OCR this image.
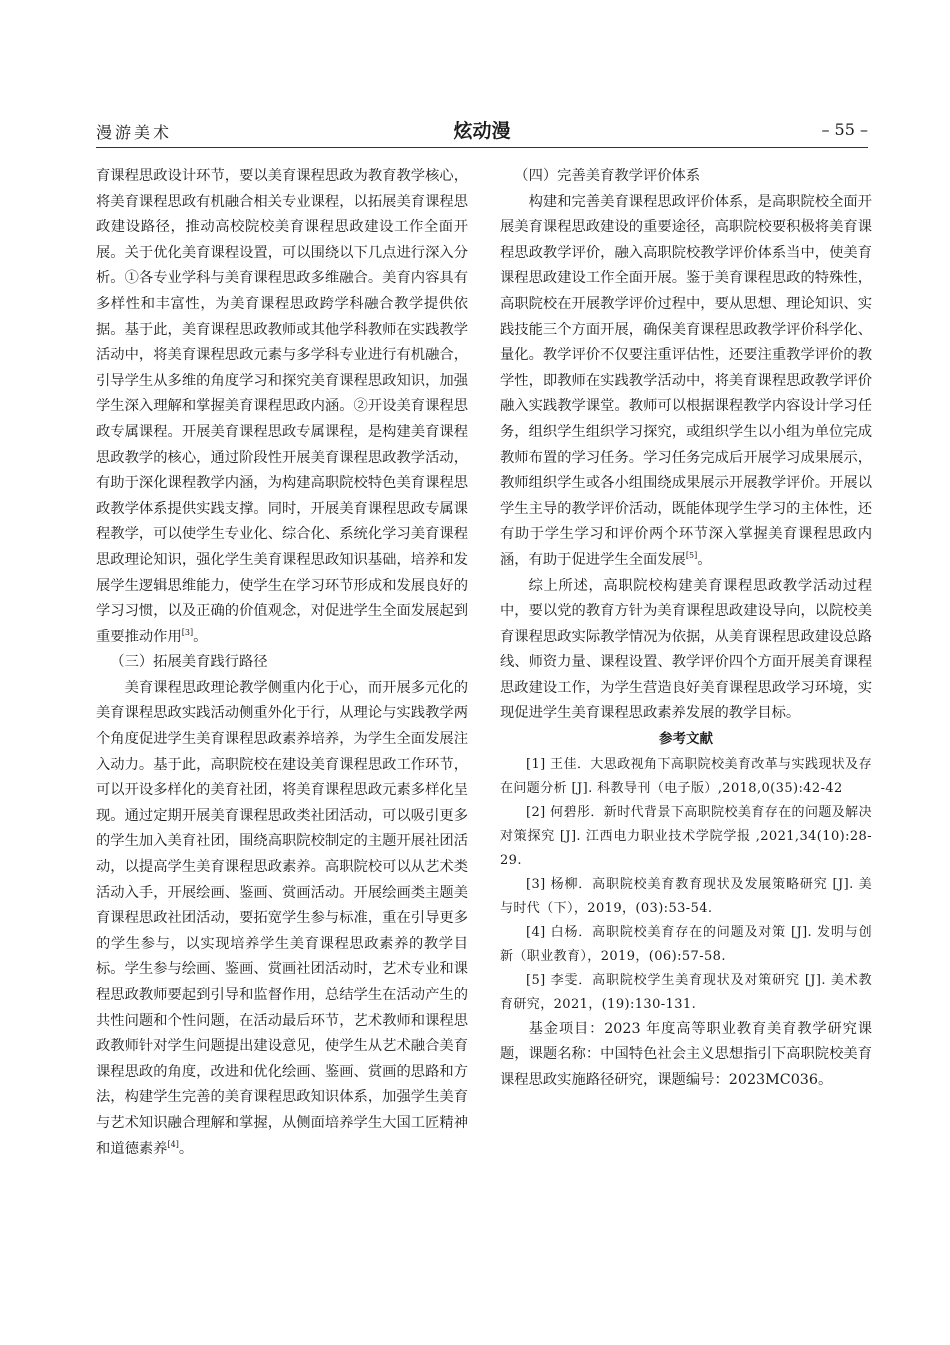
漫游美术	炫动漫	– 55 –

育课程思政设计环节，要以美育课程思政为教育教学核心，将美育课程思政有机融合相关专业课程，以拓展美育课程思政建设路径，推动高校院校美育课程思政建设工作全面开展。关于优化美育课程设置，可以围绕以下几点进行深入分析。①各专业学科与美育课程思政多维融合。美育内容具有多样性和丰富性，为美育课程思政跨学科融合教学提供依据。基于此，美育课程思政教师或其他学科教师在实践教学活动中，将美育课程思政元素与多学科专业进行有机融合，引导学生从多维的角度学习和探究美育课程思政知识，加强学生深入理解和掌握美育课程思政内涵。②开设美育课程思政专属课程。开展美育课程思政专属课程，是构建美育课程思政教学的核心，通过阶段性开展美育课程思政教学活动，有助于深化课程教学内涵，为构建高职院校特色美育课程思政教学体系提供实践支撑。同时，开展美育课程思政专属课程教学，可以使学生专业化、综合化、系统化学习美育课程思政理论知识，强化学生美育课程思政知识基础，培养和发展学生逻辑思维能力，使学生在学习环节形成和发展良好的学习习惯，以及正确的价值观念，对促进学生全面发展起到重要推动作用[3]。

（三）拓展美育践行路径

美育课程思政理论教学侧重内化于心，而开展多元化的美育课程思政实践活动侧重外化于行，从理论与实践教学两个角度促进学生美育课程思政素养培养，为学生全面发展注入动力。基于此，高职院校在建设美育课程思政工作环节，可以开设多样化的美育社团，将美育课程思政元素多样化呈现。通过定期开展美育课程思政类社团活动，可以吸引更多的学生加入美育社团，围绕高职院校制定的主题开展社团活动，以提高学生美育课程思政素养。高职院校可以从艺术类活动入手，开展绘画、鉴画、赏画活动。开展绘画类主题美育课程思政社团活动，要拓宽学生参与标准，重在引导更多的学生参与，以实现培养学生美育课程思政素养的教学目标。学生参与绘画、鉴画、赏画社团活动时，艺术专业和课程思政教师要起到引导和监督作用，总结学生在活动产生的共性问题和个性问题，在活动最后环节，艺术教师和课程思政教师针对学生问题提出建设意见，使学生从艺术融合美育课程思政的角度，改进和优化绘画、鉴画、赏画的思路和方法，构建学生完善的美育课程思政知识体系，加强学生美育与艺术知识融合理解和掌握，从侧面培养学生大国工匠精神和道德素养[4]。

（四）完善美育教学评价体系

构建和完善美育课程思政评价体系，是高职院校全面开展美育课程思政建设的重要途径，高职院校要积极将美育课程思政教学评价，融入高职院校教学评价体系当中，使美育课程思政建设工作全面开展。鉴于美育课程思政的特殊性，高职院校在开展教学评价过程中，要从思想、理论知识、实践技能三个方面开展，确保美育课程思政教学评价科学化、量化。教学评价不仅要注重评估性，还要注重教学评价的教学性，即教师在实践教学活动中，将美育课程思政教学评价融入实践教学课堂。教师可以根据课程教学内容设计学习任务，组织学生组织学习探究，或组织学生以小组为单位完成教师布置的学习任务。学习任务完成后开展学习成果展示，教师组织学生或各小组围绕成果展示开展教学评价。开展以学生主导的教学评价活动，既能体现学生学习的主体性，还有助于学生学习和评价两个环节深入掌握美育课程思政内涵，有助于促进学生全面发展[5]。

综上所述，高职院校构建美育课程思政教学活动过程中，要以党的教育方针为美育课程思政建设导向，以院校美育课程思政实际教学情况为依据，从美育课程思政建设总路线、师资力量、课程设置、教学评价四个方面开展美育课程思政建设工作，为学生营造良好美育课程思政学习环境，实现促进学生美育课程思政素养发展的教学目标。

参考文献

[1] 王佳．大思政视角下高职院校美育改革与实践现状及存在问题分析 [J]. 科教导刊（电子版）,2018,0(35):42-42

[2] 何碧彤．新时代背景下高职院校美育存在的问题及解决对策探究 [J]. 江西电力职业技术学院学报 ,2021,34(10):28-29.

[3] 杨柳．高职院校美育教育现状及发展策略研究 [J]. 美与时代（下），2019，(03):53-54.

[4] 白杨．高职院校美育存在的问题及对策 [J]. 发明与创新（职业教育），2019，(06):57-58.

[5] 李雯．高职院校学生美育现状及对策研究 [J]. 美术教育研究，2021，(19):130-131.

基金项目：2023 年度高等职业教育美育教学研究课题，课题名称：中国特色社会主义思想指引下高职院校美育课程思政实施路径研究，课题编号：2023MC036。
